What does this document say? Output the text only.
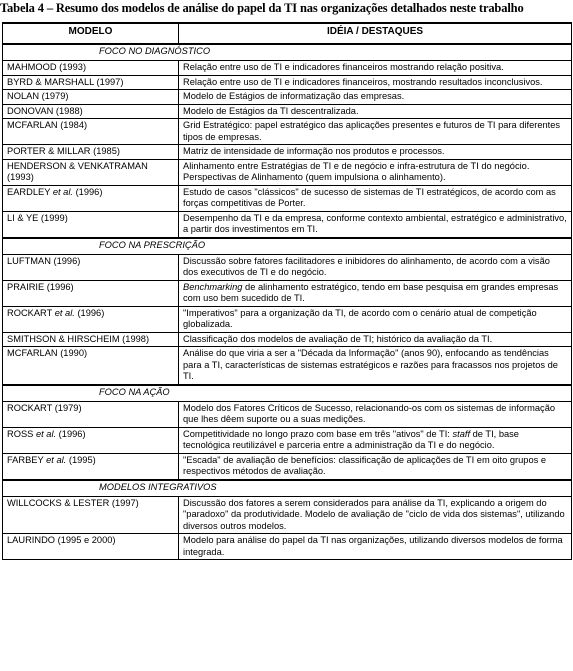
Tabela 4 – Resumo dos modelos de análise do papel da TI nas organizações detalhados neste trabalho
MODELO	IDÉIA / DESTAQUES
FOCO NO DIAGNÓSTICO	
MAHMOOD (1993)	Relação entre uso de TI e indicadores financeiros mostrando relação positiva.
BYRD & MARSHALL (1997)	Relação entre uso de TI e indicadores financeiros, mostrando resultados inconclusivos.
NOLAN (1979)	Modelo de Estágios de informatização das empresas.
DONOVAN (1988)	Modelo de Estágios da TI descentralizada.
MCFARLAN (1984)	Grid Estratégico: papel estratégico das aplicações presentes e futuros de TI para diferentes tipos de empresas.
PORTER & MILLAR (1985)	Matriz de intensidade de informação nos produtos e processos.
HENDERSON & VENKATRAMAN (1993)	Alinhamento entre Estratégias de TI e de negócio e infra-estrutura de TI do negócio. Perspectivas de Alinhamento (quem impulsiona o alinhamento).
EARDLEY et al. (1996)	Estudo de casos "clássicos" de sucesso de sistemas de TI estratégicos, de acordo com as forças competitivas de Porter.
LI & YE (1999)	Desempenho da TI e da empresa, conforme contexto ambiental, estratégico e administrativo, a partir dos investimentos em TI.
FOCO NA PRESCRIÇÃO	
LUFTMAN (1996)	Discussão sobre fatores facilitadores e inibidores do alinhamento, de acordo com a visão dos executivos de TI e do negócio.
PRAIRIE (1996)	Benchmarking de alinhamento estratégico, tendo em base pesquisa em grandes empresas com uso bem sucedido de TI.
ROCKART et al. (1996)	"Imperativos" para a organização da TI, de acordo com o cenário atual de competição globalizada.
SMITHSON & HIRSCHEIM (1998)	Classificação dos modelos de avaliação de TI; histórico da avaliação da TI.
MCFARLAN (1990)	Análise do que viria a ser a "Década da Informação" (anos 90), enfocando as tendências para a TI, características de sistemas estratégicos e razões para fracassos nos projetos de TI.
FOCO NA AÇÃO	
ROCKART (1979)	Modelo dos Fatores Críticos de Sucesso, relacionando-os com os sistemas de informação que lhes dêem suporte ou a suas medições.
ROSS et al. (1996)	Competitividade no longo prazo com base em três "ativos" de TI: staff de TI, base tecnológica reutilizável e parceria entre a administração da TI e do negócio.
FARBEY et al. (1995)	"Escada" de avaliação de benefícios: classificação de aplicações de TI em oito grupos e respectivos métodos de avaliação.
MODELOS INTEGRATIVOS	
WILLCOCKS & LESTER (1997)	Discussão dos fatores a serem considerados para análise da TI, explicando a origem do "paradoxo" da produtividade. Modelo de avaliação de "ciclo de vida dos sistemas", utilizando diversos outros modelos.
LAURINDO (1995 e 2000)	Modelo para análise do papel da TI nas organizações, utilizando diversos modelos de forma integrada.
